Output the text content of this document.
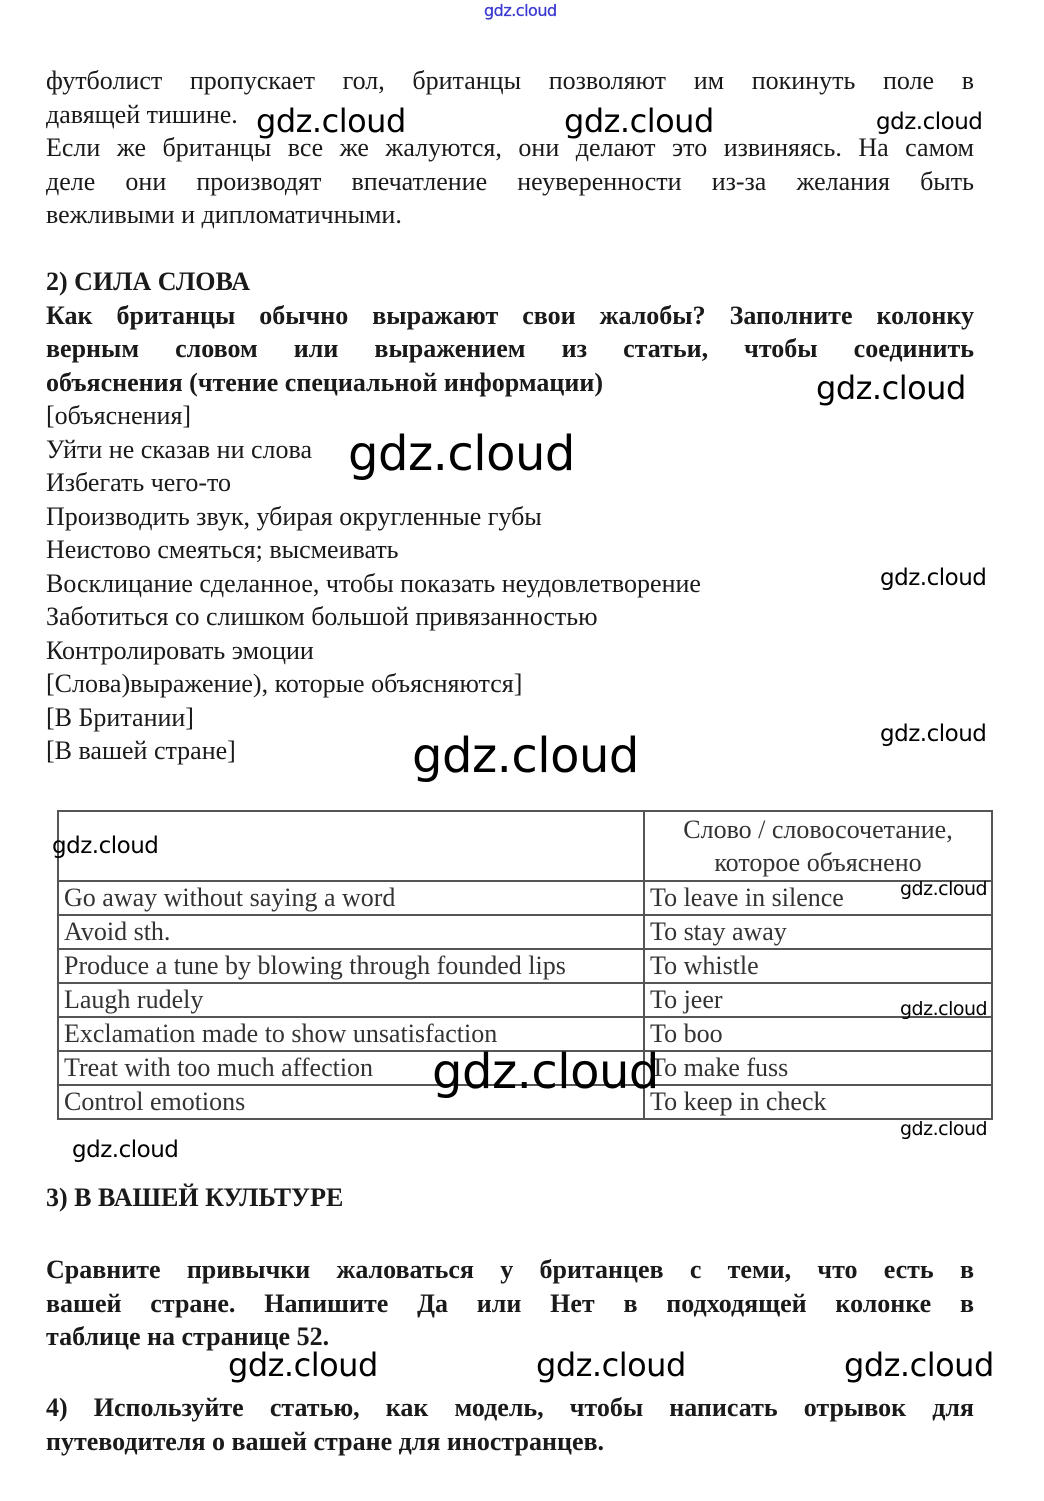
gdz.cloud
футболист пропускает гол, британцы позволяют им покинуть поле в
давящей тишине.
Если же британцы все же жалуются, они делают это извиняясь. На самом
деле они производят впечатление неуверенности из-за желания быть
вежливыми и дипломатичными.
2) СИЛА СЛОВА
Как британцы обычно выражают свои жалобы? Заполните колонку
верным словом или выражением из статьи, чтобы соединить
объяснения (чтение специальной информации)
[объяснения]
Уйти не сказав ни слова
Избегать чего-то
Производить звук, убирая округленные губы
Неистово смеяться; высмеивать
Восклицание сделанное, чтобы показать неудовлетворение
Заботиться со слишком большой привязанностью
Контролировать эмоции
[Слова)выражение), которые объясняются]
[В Британии]
[В вашей стране]
	Слово / словосочетание,
которое объяснено
Go away without saying a word	To leave in silence
Avoid sth.	To stay away
Produce a tune by blowing through founded lips	To whistle
Laugh rudely	To jeer
Exclamation made to show unsatisfaction	To boo
Treat with too much affection	To make fuss
Control emotions	To keep in check
3) В ВАШЕЙ КУЛЬТУРЕ
Сравните привычки жаловаться у британцев с теми, что есть в
вашей стране. Напишите Да или Нет в подходящей колонке в
таблице на странице 52.
4) Используйте статью, как модель, чтобы написать отрывок для
путеводителя о вашей стране для иностранцев.
gdz.cloud	gdz.cloud	gdz.cloud
gdz.cloud
gdz.cloud
gdz.cloud
gdz.cloud
gdz.cloud
gdz.cloud
gdz.cloud
gdz.cloud
gdz.cloud
gdz.cloud
gdz.cloud
gdz.cloud	gdz.cloud	gdz.cloud
